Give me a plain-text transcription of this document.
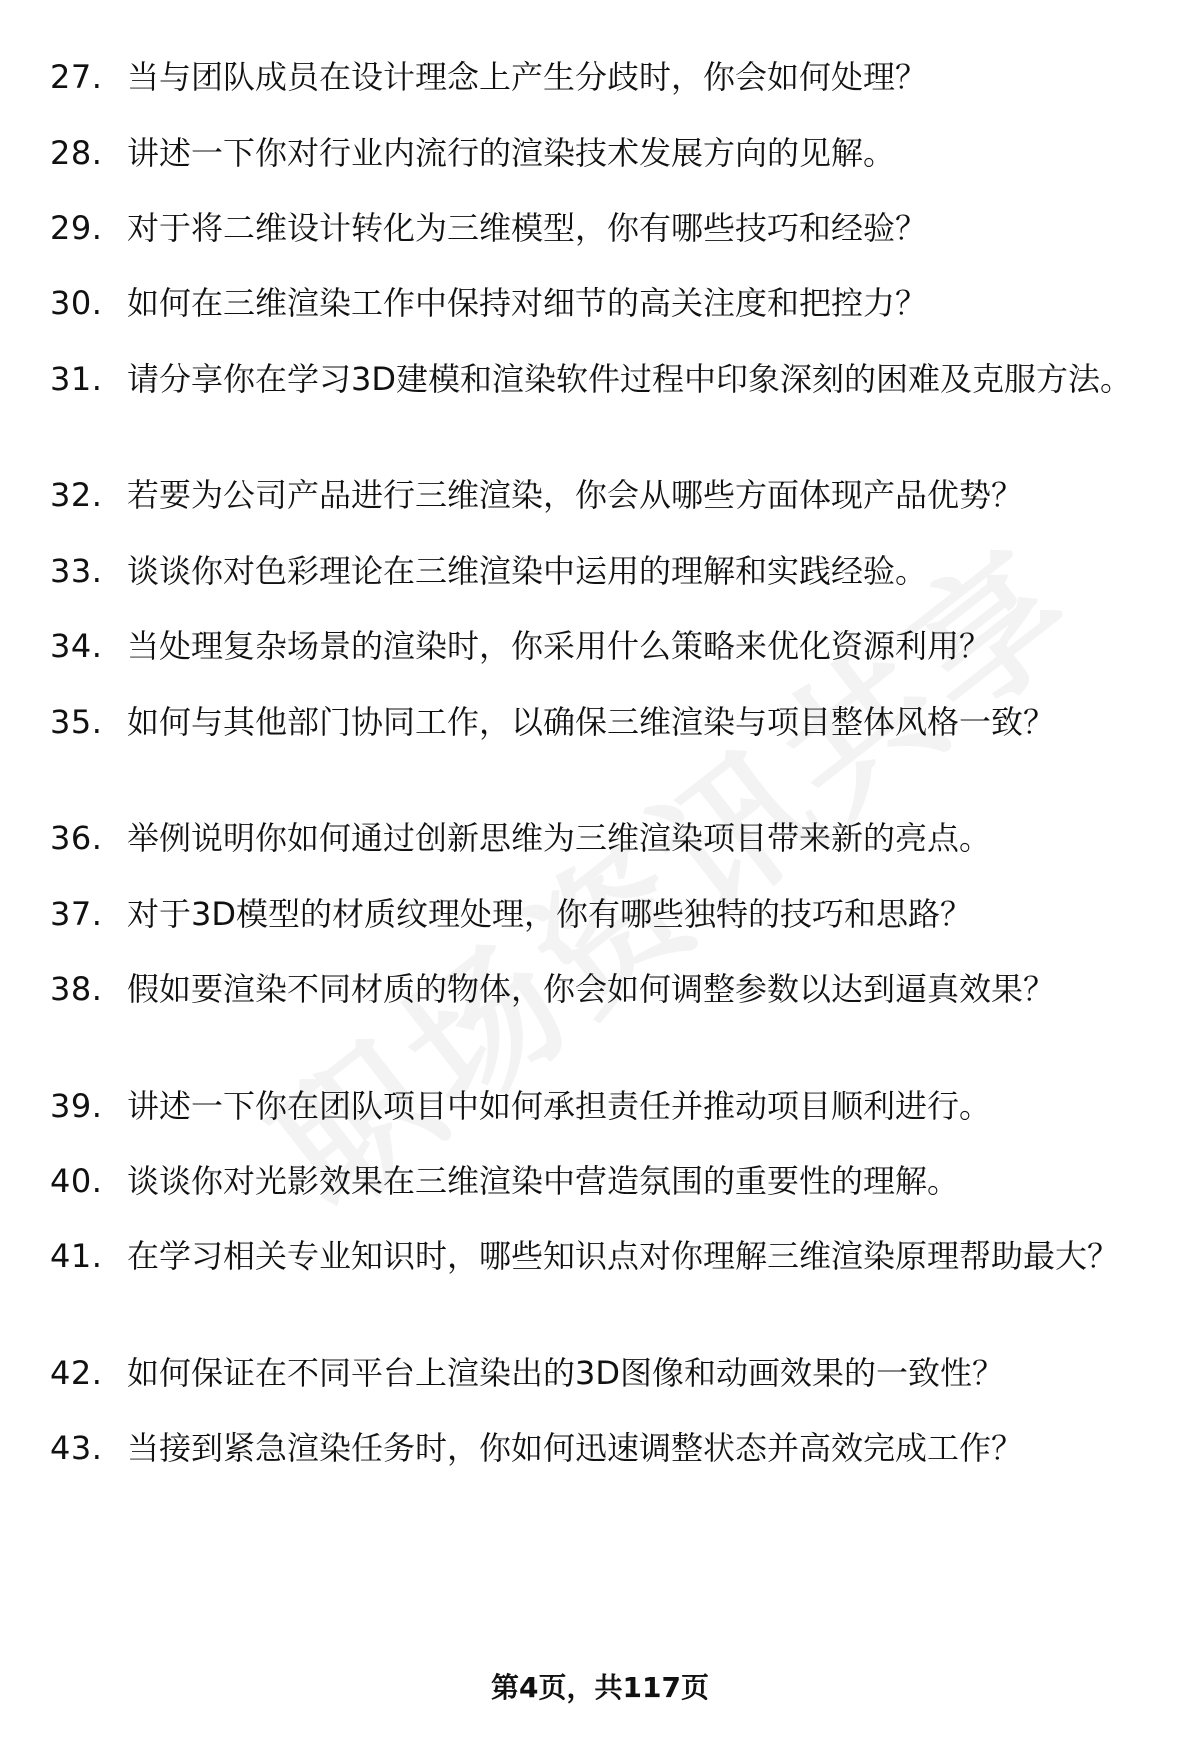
27. 当与团队成员在设计理念上产生分歧时，你会如何处理？
28. 讲述一下你对行业内流行的渲染技术发展方向的见解。
29. 对于将二维设计转化为三维模型，你有哪些技巧和经验？
30. 如何在三维渲染工作中保持对细节的高关注度和把控力？
31. 请分享你在学习3D建模和渲染软件过程中印象深刻的困难及克服方法。
32. 若要为公司产品进行三维渲染，你会从哪些方面体现产品优势？
33. 谈谈你对色彩理论在三维渲染中运用的理解和实践经验。
34. 当处理复杂场景的渲染时，你采用什么策略来优化资源利用？
35. 如何与其他部门协同工作，以确保三维渲染与项目整体风格一致？
36. 举例说明你如何通过创新思维为三维渲染项目带来新的亮点。
37. 对于3D模型的材质纹理处理，你有哪些独特的技巧和思路？
38. 假如要渲染不同材质的物体，你会如何调整参数以达到逼真效果？
39. 讲述一下你在团队项目中如何承担责任并推动项目顺利进行。
40. 谈谈你对光影效果在三维渲染中营造氛围的重要性的理解。
41. 在学习相关专业知识时，哪些知识点对你理解三维渲染原理帮助最大？
42. 如何保证在不同平台上渲染出的3D图像和动画效果的一致性？
43. 当接到紧急渲染任务时，你如何迅速调整状态并高效完成工作？
第4页，共117页
